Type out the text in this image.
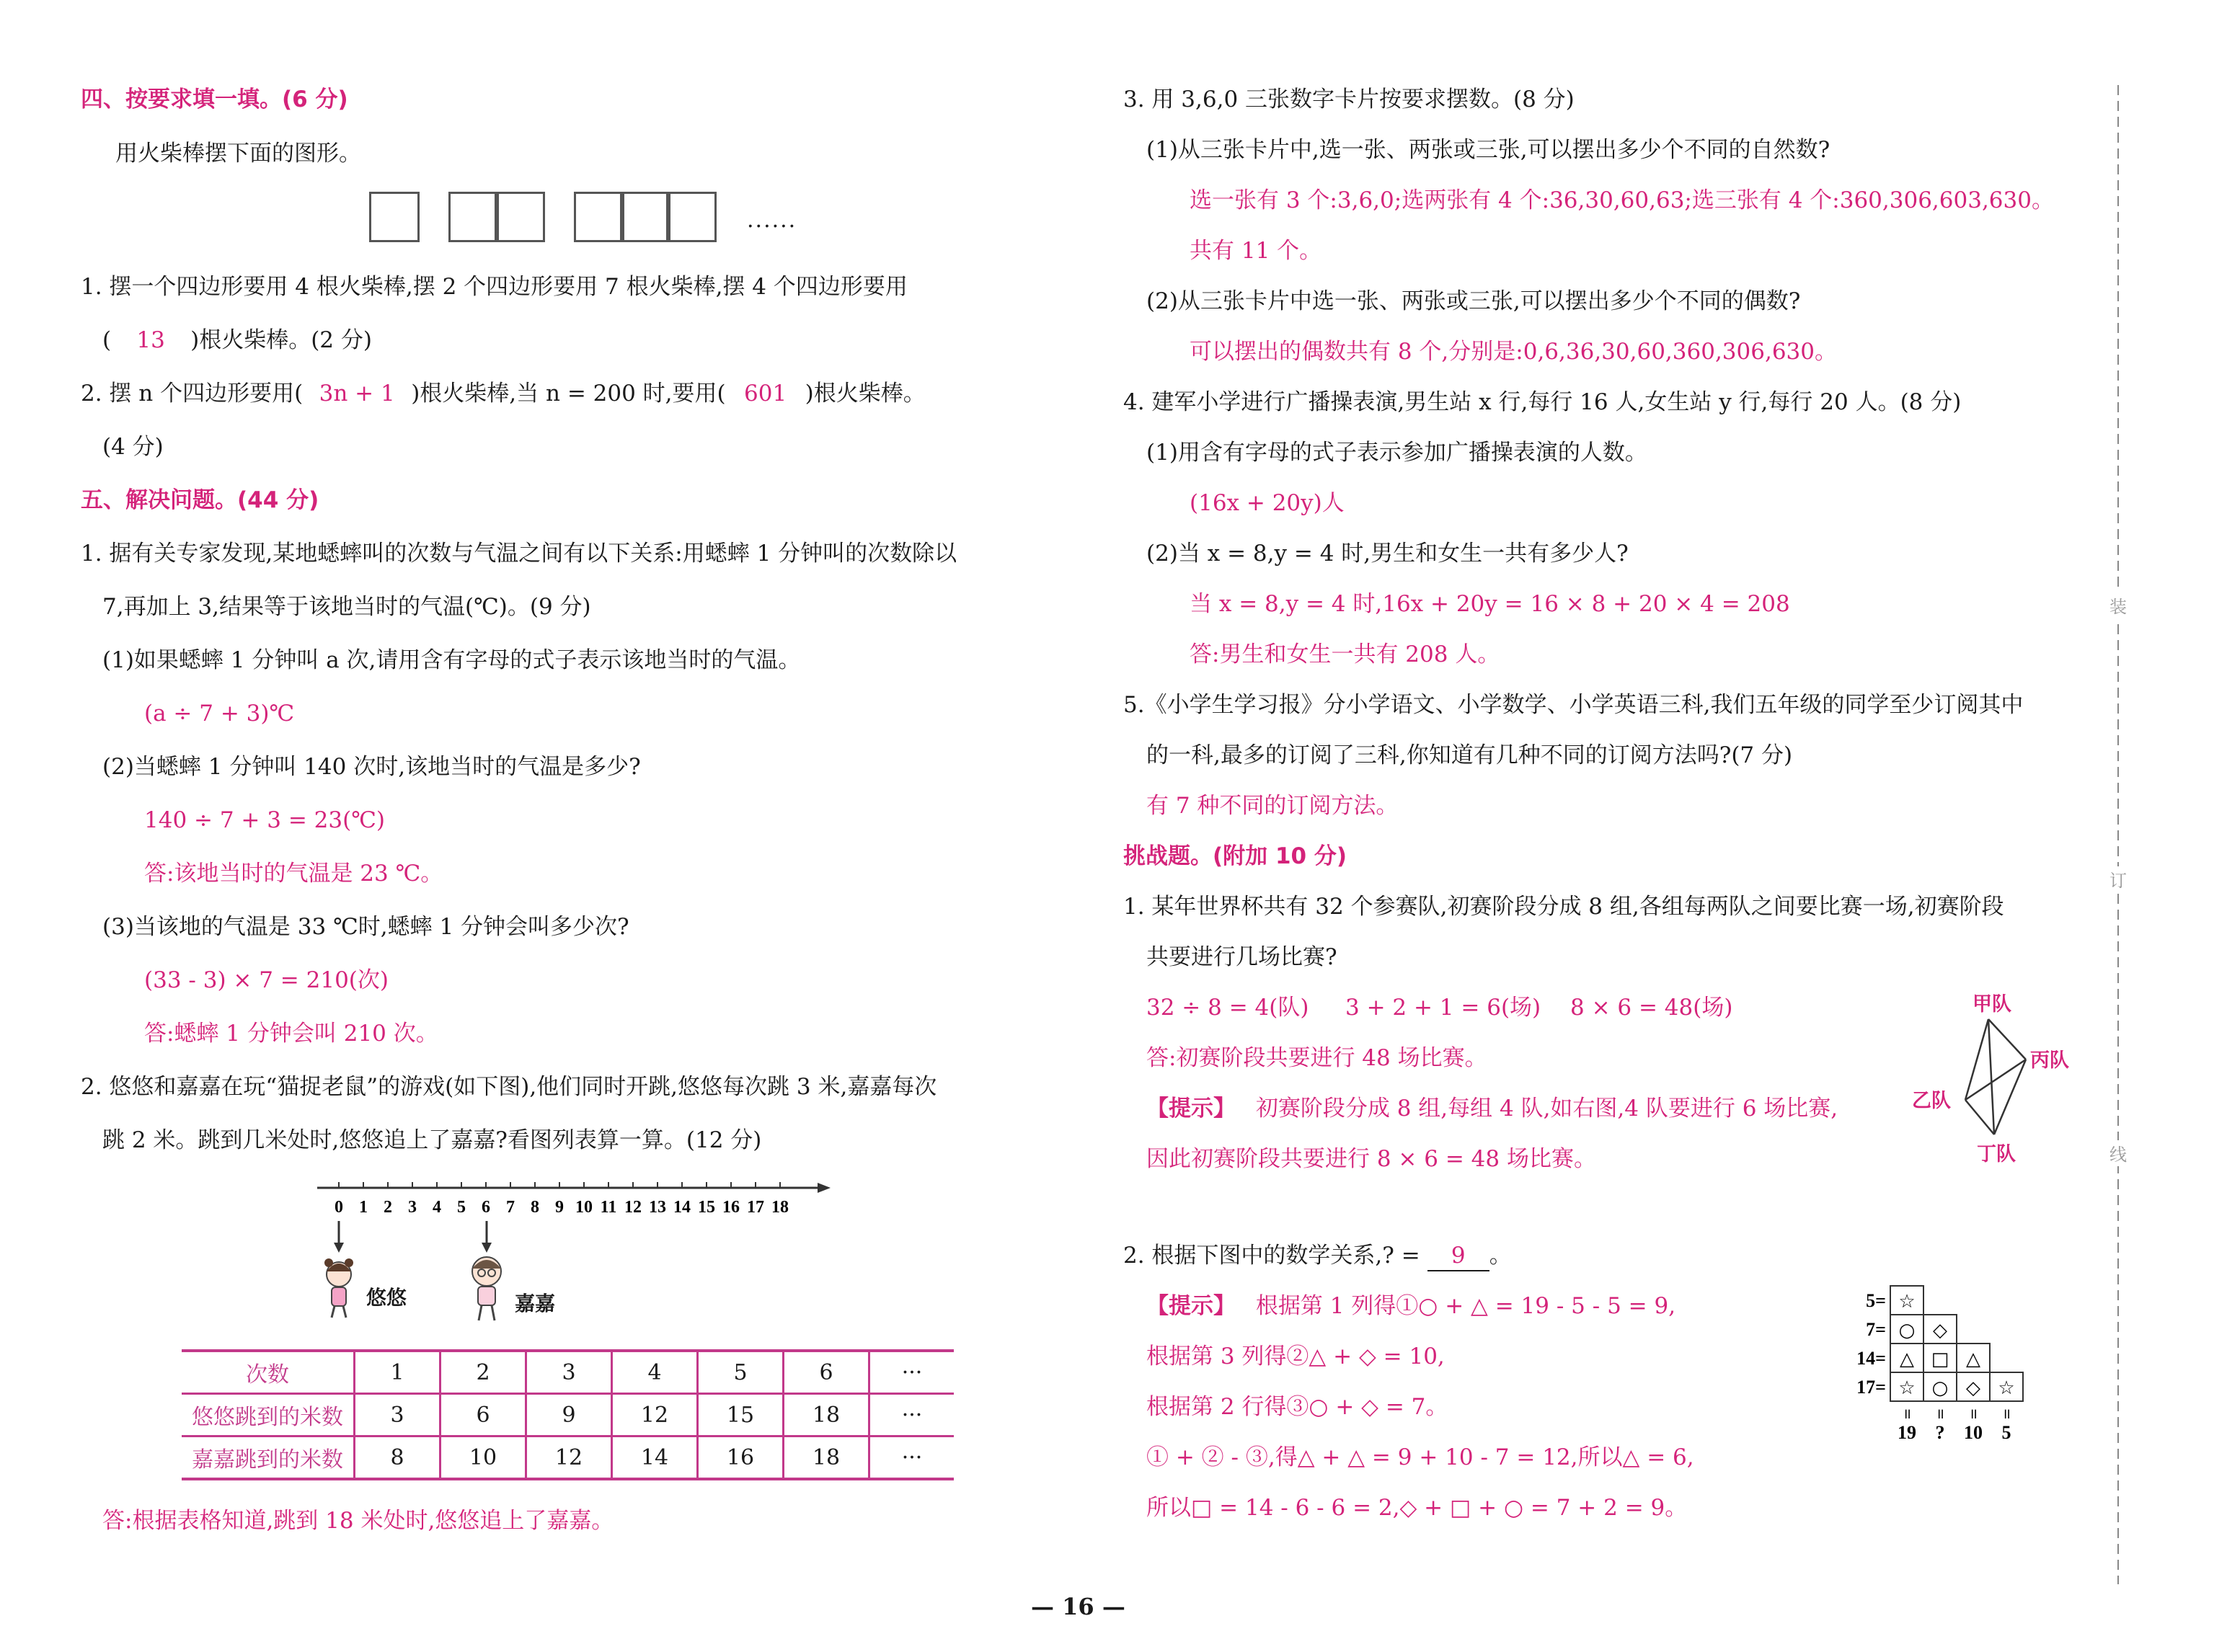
四、按要求填一填。(6 分)
用火柴棒摆下面的图形。
......
1. 摆一个四边形要用 4 根火柴棒,摆 2 个四边形要用 7 根火柴棒,摆 4 个四边形要用
( 13 )根火柴棒。(2 分)
2. 摆 n 个四边形要用( 3n + 1 )根火柴棒,当 n = 200 时,要用( 601 )根火柴棒。
(4 分)
五、解决问题。(44 分)
1. 据有关专家发现,某地蟋蟀叫的次数与气温之间有以下关系:用蟋蟀 1 分钟叫的次数除以
7,再加上 3,结果等于该地当时的气温(℃)。(9 分)
(1)如果蟋蟀 1 分钟叫 a 次,请用含有字母的式子表示该地当时的气温。
(a ÷ 7 + 3)℃
(2)当蟋蟀 1 分钟叫 140 次时,该地当时的气温是多少?
140 ÷ 7 + 3 = 23(℃)
答:该地当时的气温是 23 ℃。
(3)当该地的气温是 33 ℃时,蟋蟀 1 分钟会叫多少次?
(33 - 3) × 7 = 210(次)
答:蟋蟀 1 分钟会叫 210 次。
2. 悠悠和嘉嘉在玩“猫捉老鼠”的游戏(如下图),他们同时开跳,悠悠每次跳 3 米,嘉嘉每次
跳 2 米。跳到几米处时,悠悠追上了嘉嘉?看图列表算一算。(12 分)
0 1 2 3 4 5 6 7 8 9 10 11 12 13 14 15 16 17 18
悠悠	嘉嘉
次数	1	2	3	4	5	6	···
悠悠跳到的米数	3	6	9	12	15	18	···
嘉嘉跳到的米数	8	10	12	14	16	18	···
答:根据表格知道,跳到 18 米处时,悠悠追上了嘉嘉。
3. 用 3,6,0 三张数字卡片按要求摆数。(8 分)
(1)从三张卡片中,选一张、两张或三张,可以摆出多少个不同的自然数?
选一张有 3 个:3,6,0;选两张有 4 个:36,30,60,63;选三张有 4 个:360,306,603,630。
共有 11 个。
(2)从三张卡片中选一张、两张或三张,可以摆出多少个不同的偶数?
可以摆出的偶数共有 8 个,分别是:0,6,36,30,60,360,306,630。
4. 建军小学进行广播操表演,男生站 x 行,每行 16 人,女生站 y 行,每行 20 人。(8 分)
(1)用含有字母的式子表示参加广播操表演的人数。
(16x + 20y)人
(2)当 x = 8,y = 4 时,男生和女生一共有多少人?
当 x = 8,y = 4 时,16x + 20y = 16 × 8 + 20 × 4 = 208
答:男生和女生一共有 208 人。
5.《小学生学习报》分小学语文、小学数学、小学英语三科,我们五年级的同学至少订阅其中
的一科,最多的订阅了三科,你知道有几种不同的订阅方法吗?(7 分)
有 7 种不同的订阅方法。
挑战题。(附加 10 分)
1. 某年世界杯共有 32 个参赛队,初赛阶段分成 8 组,各组每两队之间要比赛一场,初赛阶段
共要进行几场比赛?
32 ÷ 8 = 4(队) 3 + 2 + 1 = 6(场) 8 × 6 = 48(场)
答:初赛阶段共要进行 48 场比赛。
【提示】 初赛阶段分成 8 组,每组 4 队,如右图,4 队要进行 6 场比赛,
因此初赛阶段共要进行 8 × 6 = 48 场比赛。
甲队
丙队
乙队
丁队
2. 根据下图中的数学关系,? = 9 。
【提示】 根据第 1 列得①○ + △ = 19 - 5 - 5 = 9,
根据第 3 列得②△ + ◇ = 10,
根据第 2 行得③○ + ◇ = 7。
① + ② - ③,得△ + △ = 9 + 10 - 7 = 12,所以△ = 6,
所以□ = 14 - 6 - 6 = 2,◇ + □ + ○ = 7 + 2 = 9。
5= ☆
7= ○ ◇
14= △ □ △
17= ☆ ○ ◇ ☆
॥
19
॥
?
॥
10
॥
5
装
订
线
— 16 —
